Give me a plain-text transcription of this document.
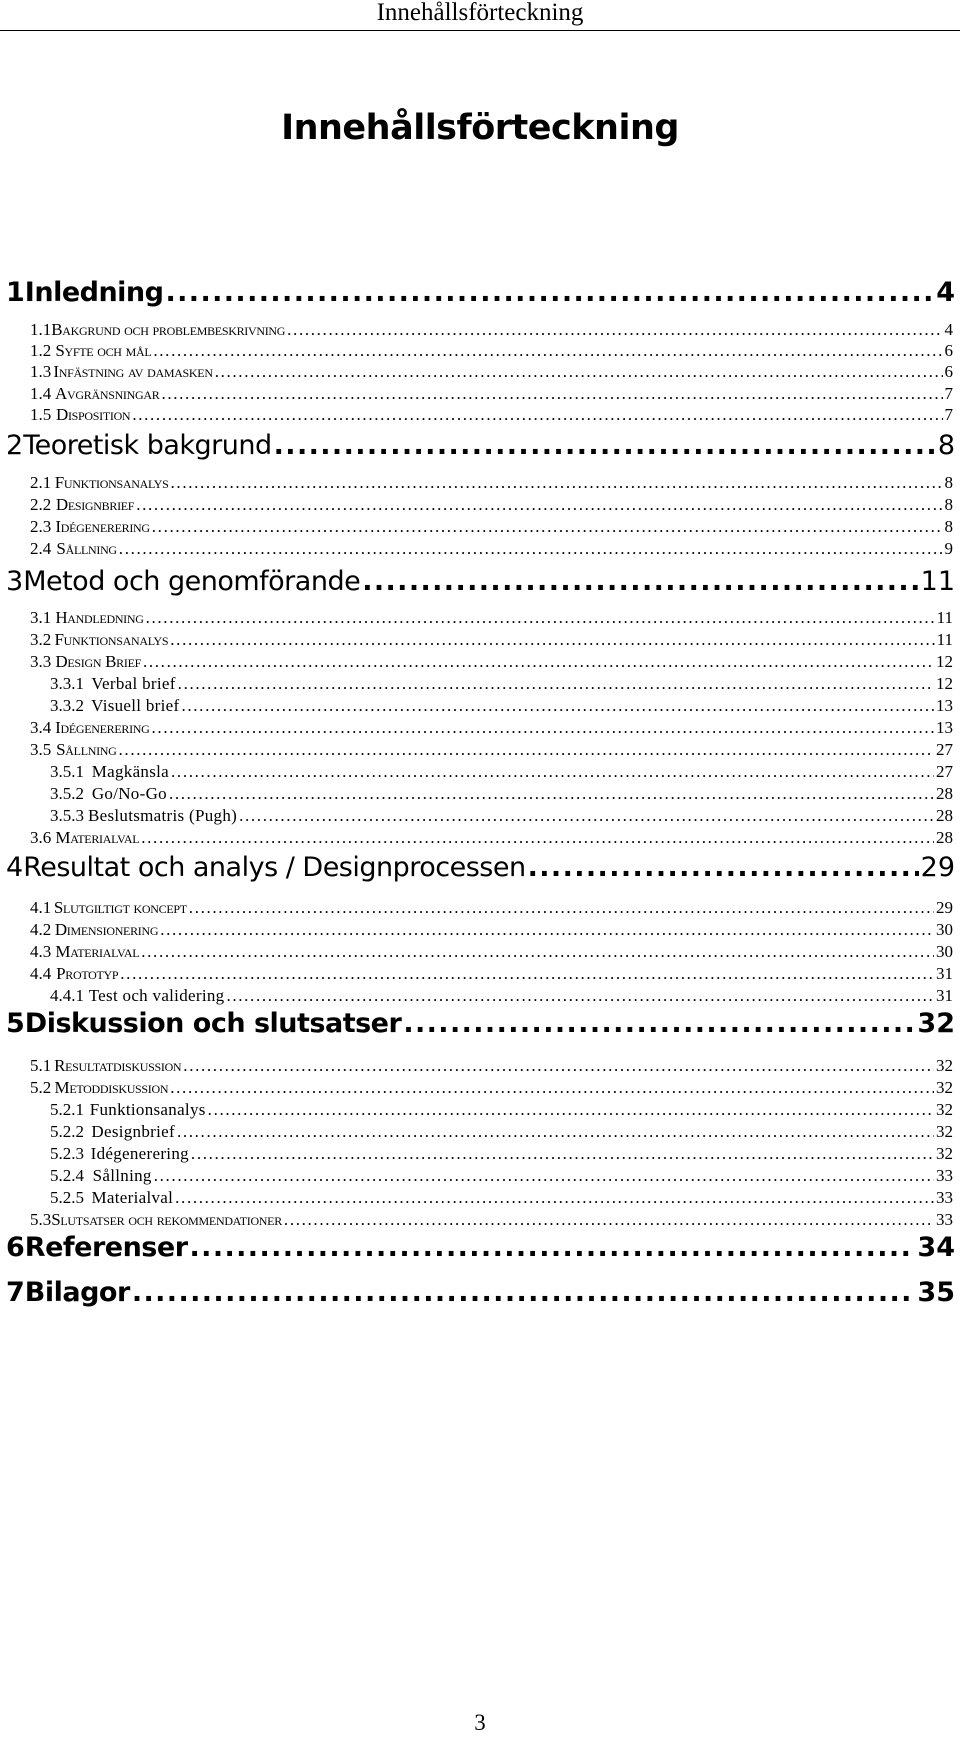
Innehållsförteckning
Innehållsförteckning
1 Inledning . . .	4
1.1 Bakgrund och problembeskrivning . . .	4
1.2 Syfte och mål . . .	6
1.3 Infästning av damasken . . .	6
1.4 Avgränsningar . . .	7
1.5 Disposition . . .	7
2 Teoretisk bakgrund . . .	8
2.1 Funktionsanalys . . .	8
2.2 Designbrief . . .	8
2.3 Idégenerering . . .	8
2.4 Sållning . . .	9
3 Metod och genomförande . . .	11
3.1 Handledning . . .	11
3.2 Funktionsanalys . . .	11
3.3 Design Brief . . .	12
3.3.1 Verbal brief . . .	12
3.3.2 Visuell brief . . .	13
3.4 Idégenerering . . .	13
3.5 Sållning . . .	27
3.5.1 Magkänsla . . .	27
3.5.2 Go/No-Go . . .	28
3.5.3 Beslutsmatris (Pugh) . . .	28
3.6 Materialval . . .	28
4 Resultat och analys / Designprocessen . . .	29
4.1 Slutgiltigt koncept . . .	29
4.2 Dimensionering . . .	30
4.3 Materialval . . .	30
4.4 Prototyp . . .	31
4.4.1 Test och validering . . .	31
5 Diskussion och slutsatser . . .	32
5.1 Resultatdiskussion . . .	32
5.2 Metoddiskussion . . .	32
5.2.1 Funktionsanalys . . .	32
5.2.2 Designbrief . . .	32
5.2.3 Idégenerering . . .	32
5.2.4 Sållning . . .	33
5.2.5 Materialval . . .	33
5.3 Slutsatser och rekommendationer . . .	33
6 Referenser . . .	34
7 Bilagor . . .	35
3
